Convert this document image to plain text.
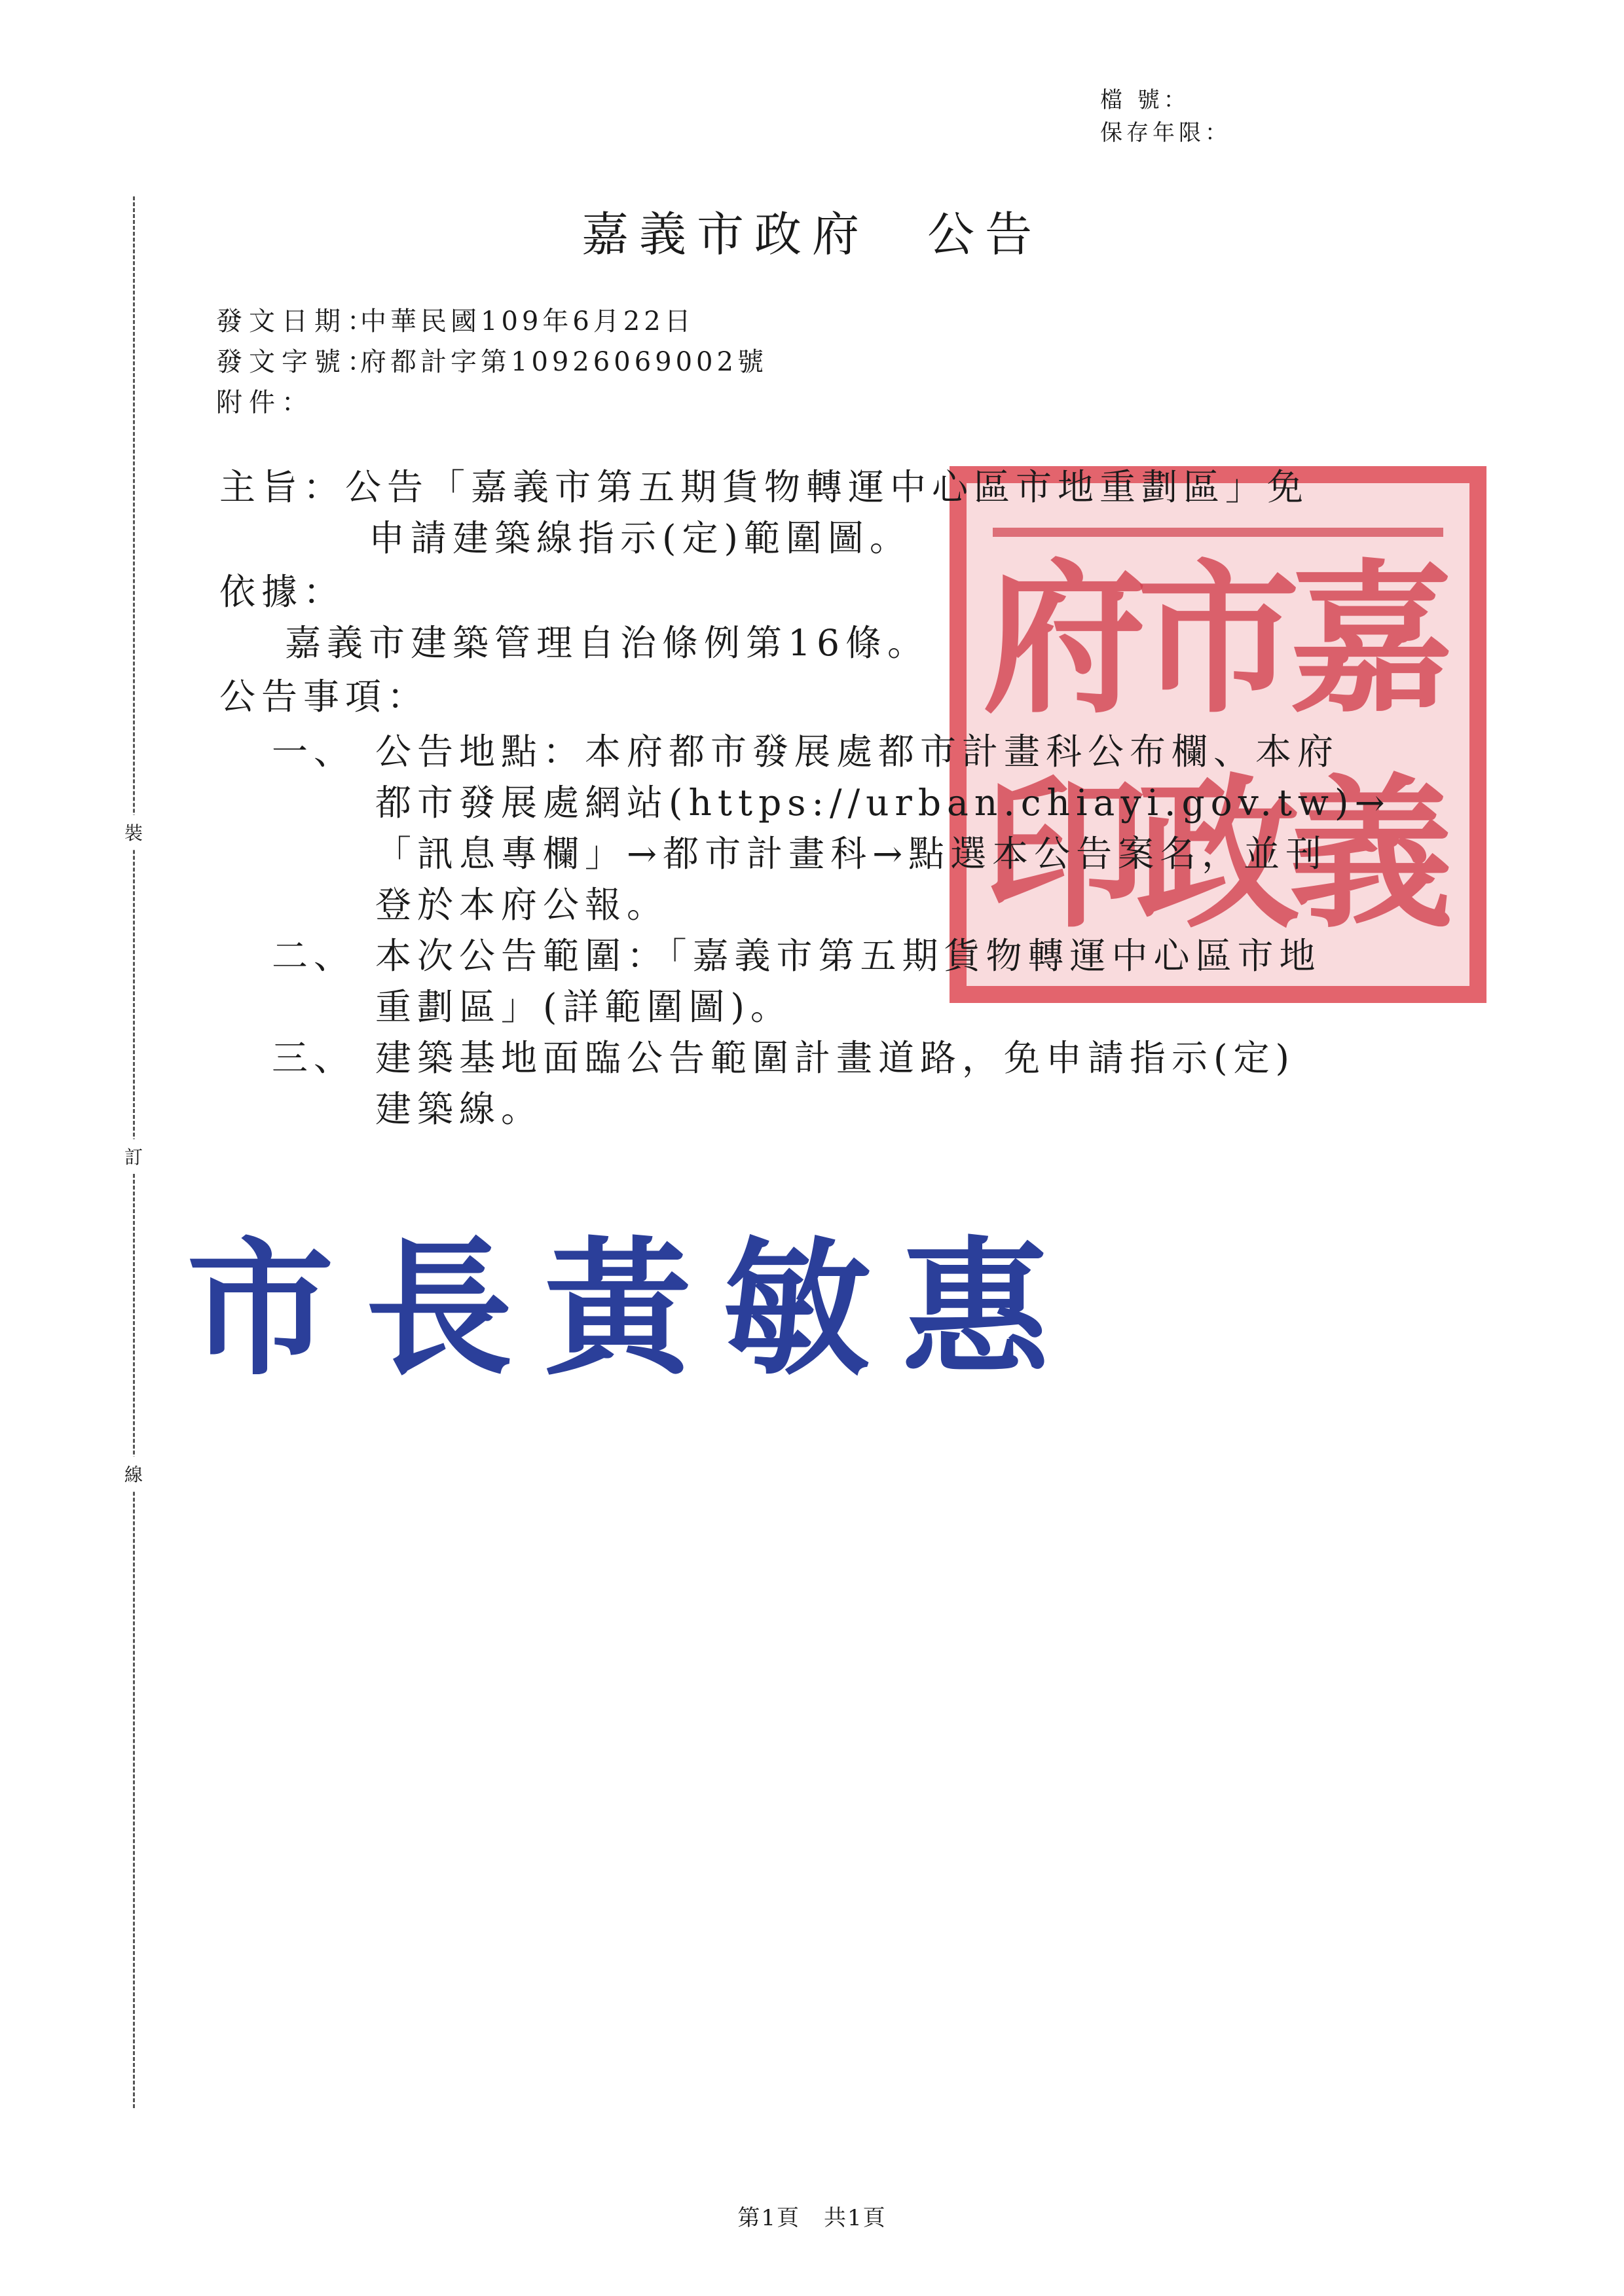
檔 號：
保存年限：
裝
訂
線
嘉義市政府　公告
發文日期：中華民國109年6月22日
發文字號：府都計字第10926069002號
附件：
嘉
義
市
政
府
印
主旨：公告「嘉義市第五期貨物轉運中心區市地重劃區」免
申請建築線指示(定)範圍圖。
依據：
嘉義市建築管理自治條例第16條。
公告事項：
一、 公告地點：本府都市發展處都市計畫科公布欄、本府
都市發展處網站(https://urban.chiayi.gov.tw)→
「訊息專欄」→都市計畫科→點選本公告案名，並刊
登於本府公報。
二、 本次公告範圍：「嘉義市第五期貨物轉運中心區市地
重劃區」(詳範圍圖)。
三、 建築基地面臨公告範圍計畫道路，免申請指示(定)
建築線。
市長黃敏惠
第1頁　共1頁
